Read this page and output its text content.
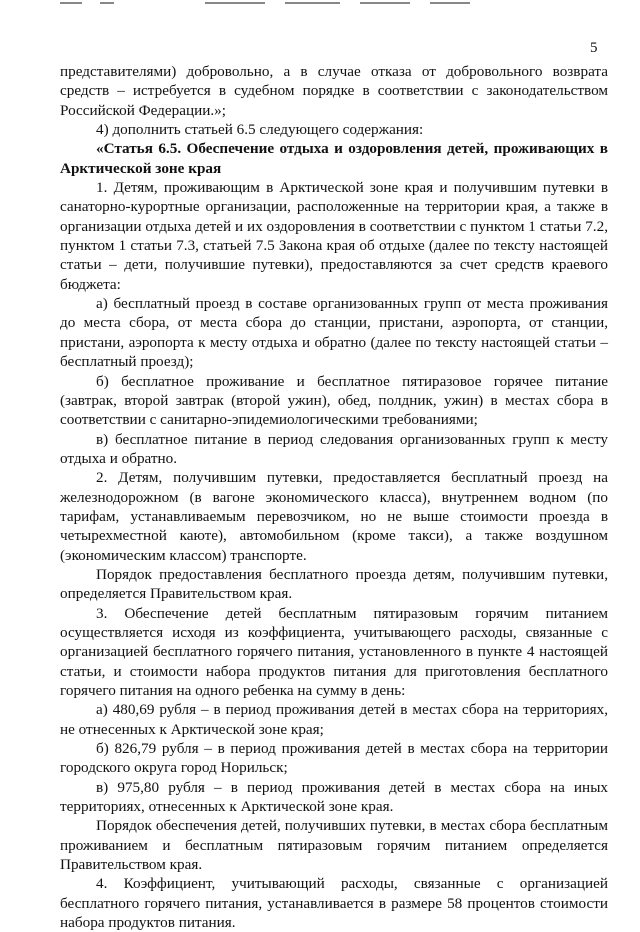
5

представителями) добровольно, а в случае отказа от добровольного возврата средств – истребуется в судебном порядке в соответствии с законодательством Российской Федерации.»;

4) дополнить статьей 6.5 следующего содержания:

«Статья 6.5. Обеспечение отдыха и оздоровления детей, проживающих в Арктической зоне края

1. Детям, проживающим в Арктической зоне края и получившим путевки в санаторно-курортные организации, расположенные на территории края, а также в организации отдыха детей и их оздоровления в соответствии с пунктом 1 статьи 7.2, пунктом 1 статьи 7.3, статьей 7.5 Закона края об отдыхе (далее по тексту настоящей статьи – дети, получившие путевки), предоставляются за счет средств краевого бюджета:

а) бесплатный проезд в составе организованных групп от места проживания до места сбора, от места сбора до станции, пристани, аэропорта, от станции, пристани, аэропорта к месту отдыха и обратно (далее по тексту настоящей статьи – бесплатный проезд);

б) бесплатное проживание и бесплатное пятиразовое горячее питание (завтрак, второй завтрак (второй ужин), обед, полдник, ужин) в местах сбора в соответствии с санитарно-эпидемиологическими требованиями;

в) бесплатное питание в период следования организованных групп к месту отдыха и обратно.

2. Детям, получившим путевки, предоставляется бесплатный проезд на железнодорожном (в вагоне экономического класса), внутреннем водном (по тарифам, устанавливаемым перевозчиком, но не выше стоимости проезда в четырехместной каюте), автомобильном (кроме такси), а также воздушном (экономическим классом) транспорте.

Порядок предоставления бесплатного проезда детям, получившим путевки, определяется Правительством края.

3. Обеспечение детей бесплатным пятиразовым горячим питанием осуществляется исходя из коэффициента, учитывающего расходы, связанные с организацией бесплатного горячего питания, установленного в пункте 4 настоящей статьи, и стоимости набора продуктов питания для приготовления бесплатного горячего питания на одного ребенка на сумму в день:

а) 480,69 рубля – в период проживания детей в местах сбора на территориях, не отнесенных к Арктической зоне края;

б) 826,79 рубля – в период проживания детей в местах сбора на территории городского округа город Норильск;

в) 975,80 рубля – в период проживания детей в местах сбора на иных территориях, отнесенных к Арктической зоне края.

Порядок обеспечения детей, получивших путевки, в местах сбора бесплатным проживанием и бесплатным пятиразовым горячим питанием определяется Правительством края.

4. Коэффициент, учитывающий расходы, связанные с организацией бесплатного горячего питания, устанавливается в размере 58 процентов стоимости набора продуктов питания.
